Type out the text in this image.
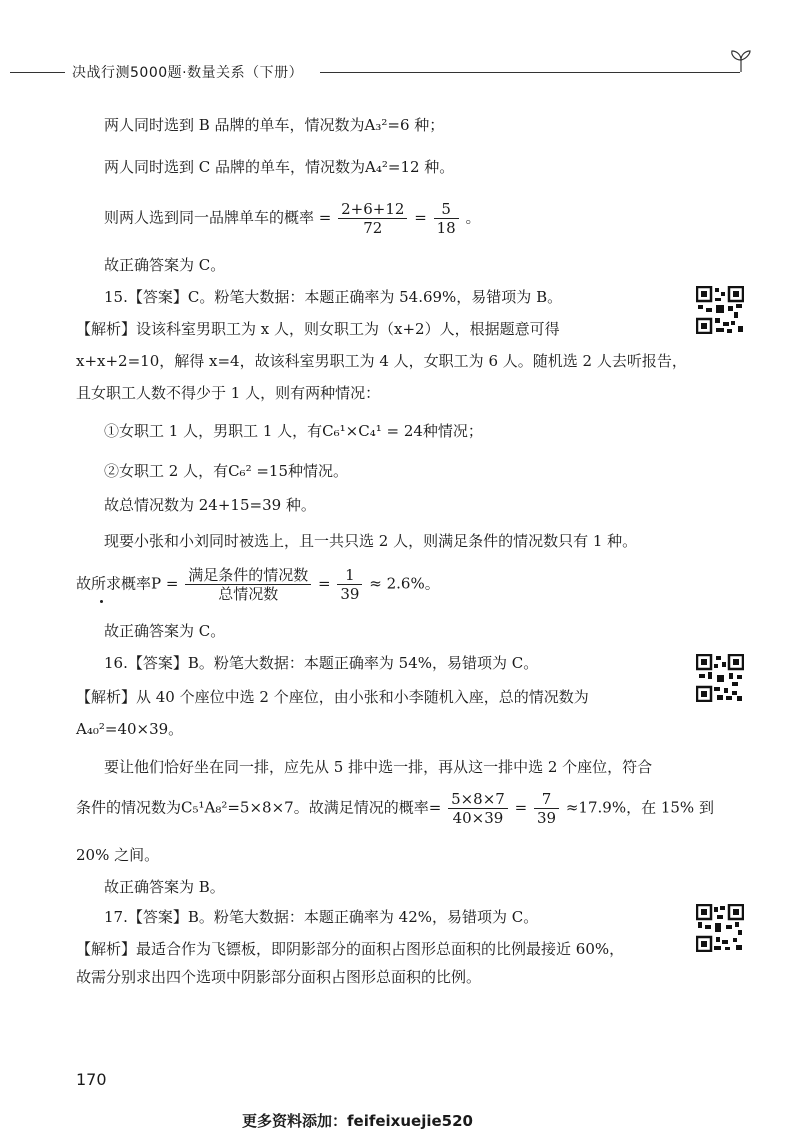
决战行测5000题·数量关系（下册）
两人同时选到 B 品牌的单车，情况数为A₃²=6 种；
两人同时选到 C 品牌的单车，情况数为A₄²=12 种。
则两人选到同一品牌单车的概率 = $\frac{2+6+12}{72} = \frac{5}{18}$ 。
故正确答案为 C。
15.【答案】C。粉笔大数据：本题正确率为 54.69%，易错项为 B。
【解析】设该科室男职工为 x 人，则女职工为（x+2）人，根据题意可得
x+x+2=10，解得 x=4，故该科室男职工为 4 人，女职工为 6 人。随机选 2 人去听报告，
且女职工人数不得少于 1 人，则有两种情况：
①女职工 1 人，男职工 1 人，有C₆¹×C₄¹ = 24种情况；
②女职工 2 人，有C₆² =15种情况。
故总情况数为 24+15=39 种。
现要小张和小刘同时被选上，且一共只选 2 人，则满足条件的情况数只有 1 种。
故所求概率$P = \frac{\text{满足条件的情况数}}{\text{总情况数}} = \frac{1}{39} \approx 2.6\%$。
故正确答案为 C。
16.【答案】B。粉笔大数据：本题正确率为 54%，易错项为 C。
【解析】从 40 个座位中选 2 个座位，由小张和小李随机入座，总的情况数为
A₄₀²=40×39。
要让他们恰好坐在同一排，应先从 5 排中选一排，再从这一排中选 2 个座位，符合
条件的情况数为C₅¹A₈²=5×8×7。故满足情况的概率= $\frac{5\times 8\times 7}{40\times 39} = \frac{7}{39} \approx 17.9\%$，在 15% 到
20% 之间。
故正确答案为 B。
17.【答案】B。粉笔大数据：本题正确率为 42%，易错项为 C。
【解析】最适合作为飞镖板，即阴影部分的面积占图形总面积的比例最接近 60%，
故需分别求出四个选项中阴影部分面积占图形总面积的比例。
170
更多资料添加：feifeixuejie520
